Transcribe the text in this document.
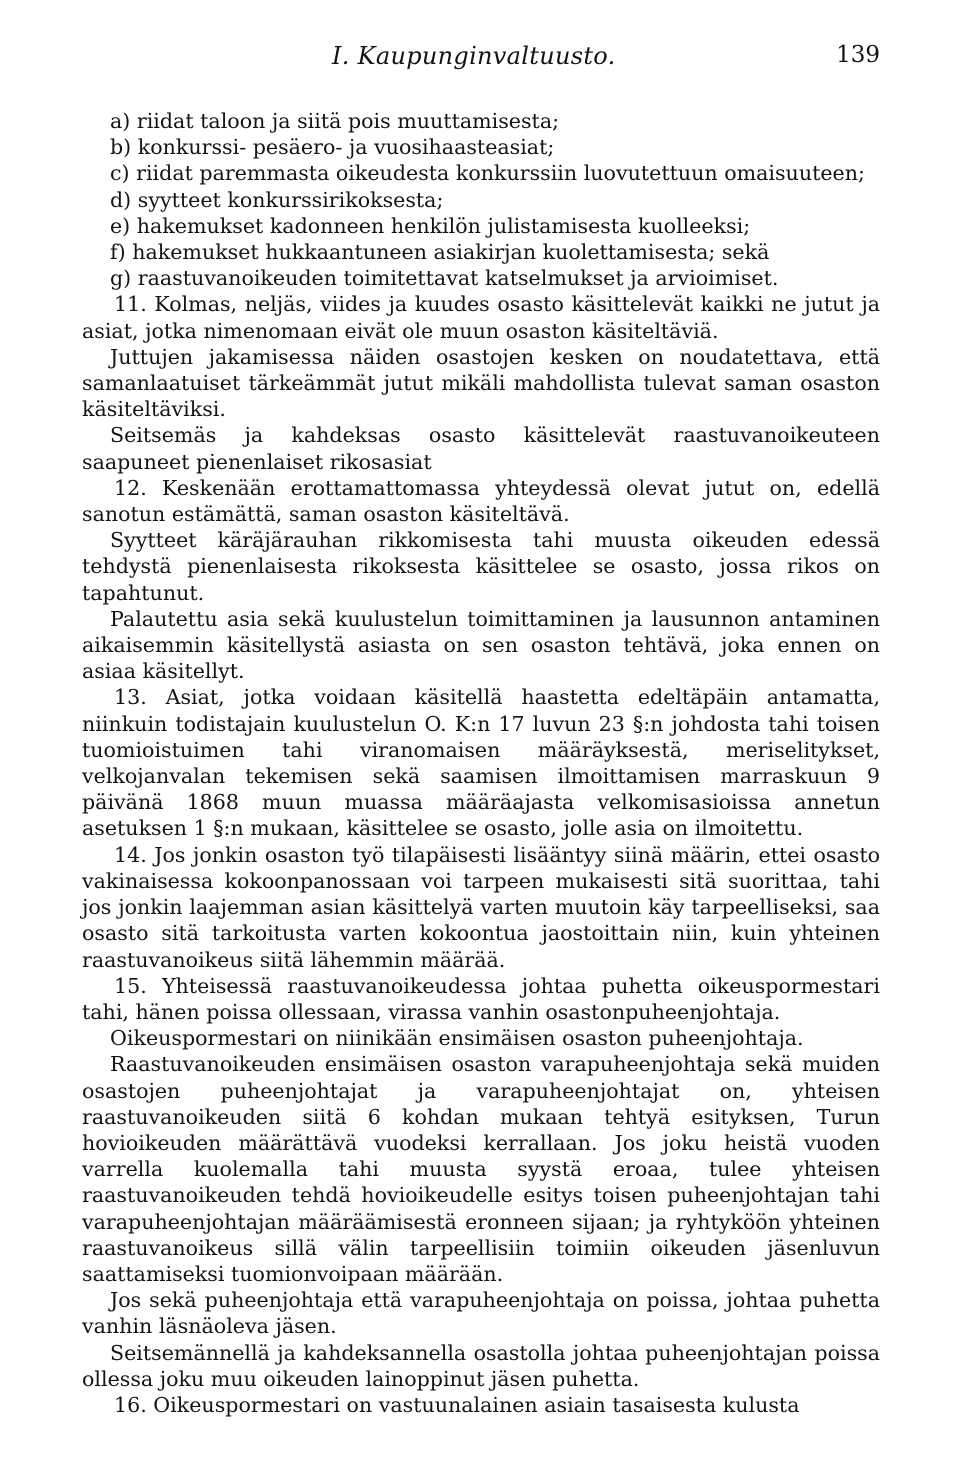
I. Kaupunginvaltuusto.	139

a) riidat taloon ja siitä pois muuttamisesta;

b) konkurssi- pesäero- ja vuosihaasteasiat;

c) riidat paremmasta oikeudesta konkurssiin luovutettuun omaisuuteen;

d) syytteet konkurssirikoksesta;

e) hakemukset kadonneen henkilön julistamisesta kuolleeksi;

f) hakemukset hukkaantuneen asiakirjan kuolettamisesta; sekä

g) raastuvanoikeuden toimitettavat katselmukset ja arvioimiset.

11. Kolmas, neljäs, viides ja kuudes osasto käsittelevät kaikki ne jutut ja asiat, jotka nimenomaan eivät ole muun osaston käsiteltäviä.

Juttujen jakamisessa näiden osastojen kesken on noudatettava, että samanlaatuiset tärkeämmät jutut mikäli mahdollista tulevat saman osaston käsiteltäviksi.

Seitsemäs ja kahdeksas osasto käsittelevät raastuvanoikeuteen saapuneet pienenlaiset rikosasiat

12. Keskenään erottamattomassa yhteydessä olevat jutut on, edellä sanotun estämättä, saman osaston käsiteltävä.

Syytteet käräjärauhan rikkomisesta tahi muusta oikeuden edessä tehdystä pienenlaisesta rikoksesta käsittelee se osasto, jossa rikos on tapahtunut.

Palautettu asia sekä kuulustelun toimittaminen ja lausunnon antaminen aikaisemmin käsitellystä asiasta on sen osaston tehtävä, joka ennen on asiaa käsitellyt.

13. Asiat, jotka voidaan käsitellä haastetta edeltäpäin antamatta, niinkuin todistajain kuulustelun O. K:n 17 luvun 23 §:n johdosta tahi toisen tuomioistuimen tahi viranomaisen määräyksestä, meriselitykset, velkojanvalan tekemisen sekä saamisen ilmoittamisen marraskuun 9 päivänä 1868 muun muassa määräajasta velkomisasioissa annetun asetuksen 1 §:n mukaan, käsittelee se osasto, jolle asia on ilmoitettu.

14. Jos jonkin osaston työ tilapäisesti lisääntyy siinä määrin, ettei osasto vakinaisessa kokoonpanossaan voi tarpeen mukaisesti sitä suorittaa, tahi jos jonkin laajemman asian käsittelyä varten muutoin käy tarpeelliseksi, saa osasto sitä tarkoitusta varten kokoontua jaostoittain niin, kuin yhteinen raastuvanoikeus siitä lähemmin määrää.

15. Yhteisessä raastuvanoikeudessa johtaa puhetta oikeuspormestari tahi, hänen poissa ollessaan, virassa vanhin osastonpuheenjohtaja.

Oikeuspormestari on niinikään ensimäisen osaston puheenjohtaja.

Raastuvanoikeuden ensimäisen osaston varapuheenjohtaja sekä muiden osastojen puheenjohtajat ja varapuheenjohtajat on, yhteisen raastuvanoikeuden siitä 6 kohdan mukaan tehtyä esityksen, Turun hovioikeuden määrättävä vuodeksi kerrallaan. Jos joku heistä vuoden varrella kuolemalla tahi muusta syystä eroaa, tulee yhteisen raastuvanoikeuden tehdä hovioikeudelle esitys toisen puheenjohtajan tahi varapuheenjohtajan määräämisestä eronneen sijaan; ja ryhtyköön yhteinen raastuvanoikeus sillä välin tarpeellisiin toimiin oikeuden jäsenluvun saattamiseksi tuomionvoipaan määrään.

Jos sekä puheenjohtaja että varapuheenjohtaja on poissa, johtaa puhetta vanhin läsnäoleva jäsen.

Seitsemännellä ja kahdeksannella osastolla johtaa puheenjohtajan poissa ollessa joku muu oikeuden lainoppinut jäsen puhetta.

16. Oikeuspormestari on vastuunalainen asiain tasaisesta kulusta
